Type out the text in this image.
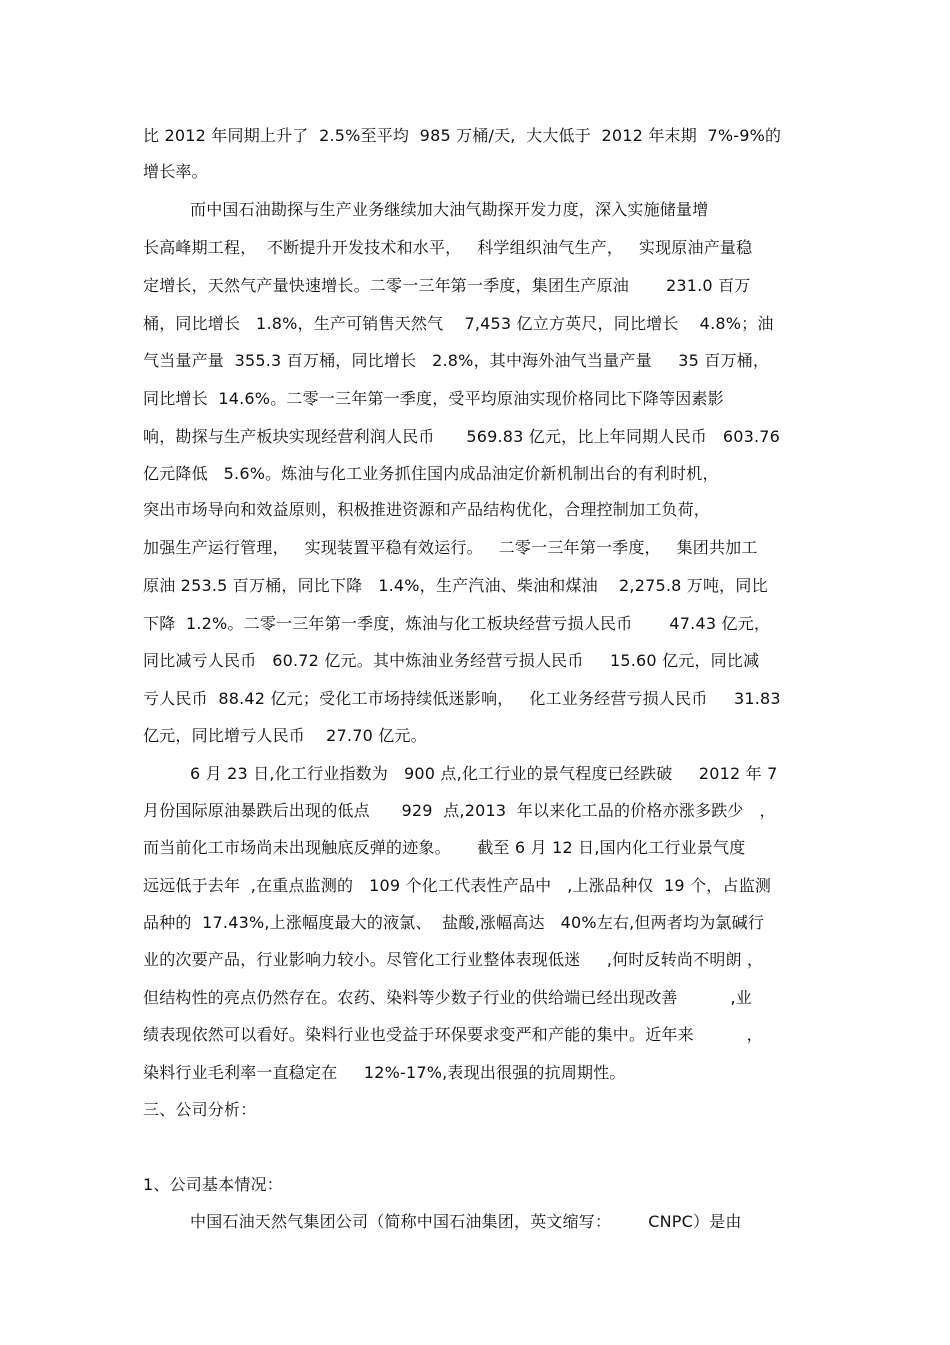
比 2012 年同期上升了  2.5%至平均  985 万桶/天,  大大低于  2012 年末期  7%-9%的
增长率。
而中国石油勘探与生产业务继续加大油气勘探开发力度，深入实施储量增
长高峰期工程，  不断提升开发技术和水平，   科学组织油气生产，   实现原油产量稳
定增长，天然气产量快速增长。二零一三年第一季度，集团生产原油       231.0 百万
桶，同比增长   1.8%，生产可销售天然气    7,453 亿立方英尺，同比增长    4.8%；油
气当量产量  355.3 百万桶，同比增长   2.8%，其中海外油气当量产量     35 百万桶，
同比增长  14.6%。二零一三年第一季度，受平均原油实现价格同比下降等因素影
响，勘探与生产板块实现经营利润人民币      569.83 亿元，比上年同期人民币   603.76
亿元降低   5.6%。炼油与化工业务抓住国内成品油定价新机制出台的有利时机，
突出市场导向和效益原则，积极推进资源和产品结构优化，合理控制加工负荷，
加强生产运行管理，   实现装置平稳有效运行。   二零一三年第一季度，   集团共加工
原油 253.5 百万桶，同比下降   1.4%，生产汽油、柴油和煤油    2,275.8 万吨，同比
下降  1.2%。二零一三年第一季度，炼油与化工板块经营亏损人民币       47.43 亿元，
同比减亏人民币   60.72 亿元。其中炼油业务经营亏损人民币     15.60 亿元，同比减
亏人民币  88.42 亿元；受化工市场持续低迷影响，   化工业务经营亏损人民币     31.83
亿元，同比增亏人民币    27.70 亿元。
6 月 23 日,化工行业指数为   900 点,化工行业的景气程度已经跌破     2012 年 7
月份国际原油暴跌后出现的低点      929  点,2013  年以来化工品的价格亦涨多跌少   ，
而当前化工市场尚未出现触底反弹的迹象。     截至 6 月 12 日,国内化工行业景气度
远远低于去年  ,在重点监测的   109 个化工代表性产品中   ,上涨品种仅  19 个，占监测
品种的  17.43%,上涨幅度最大的液氯、  盐酸,涨幅高达   40%左右,但两者均为氯碱行
业的次要产品，行业影响力较小。尽管化工行业整体表现低迷     ,何时反转尚不明朗 ，
但结构性的亮点仍然存在。农药、染料等少数子行业的供给端已经出现改善          ,业
绩表现依然可以看好。染料行业也受益于环保要求变严和产能的集中。近年来          ，
染料行业毛利率一直稳定在     12%-17%,表现出很强的抗周期性。
三、公司分析：
1、公司基本情况：
中国石油天然气集团公司（简称中国石油集团，英文缩写：       CNPC）是由
